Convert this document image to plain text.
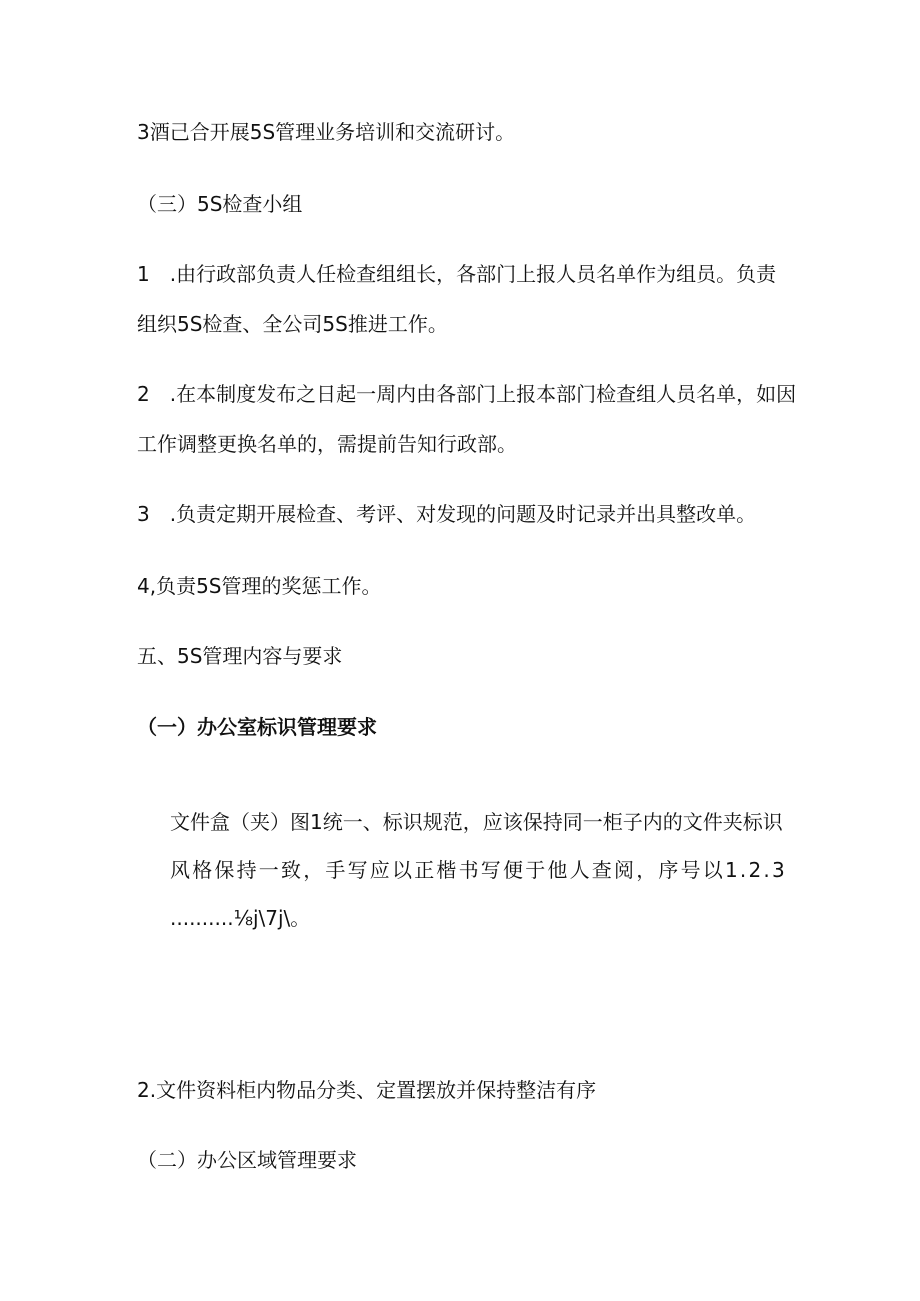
3酒己合开展5S管理业务培训和交流研讨。
（三）5S检查小组
1　.由行政部负责人任检查组组长，各部门上报人员名单作为组员。负责
组织5S检查、全公司5S推进工作。
2　.在本制度发布之日起一周内由各部门上报本部门检查组人员名单，如因
工作调整更换名单的，需提前告知行政部。
3　.负责定期开展检查、考评、对发现的问题及时记录并出具整改单。
4,负责5S管理的奖惩工作。
五、5S管理内容与要求
（一）办公室标识管理要求
文件盒（夹）图1统一、标识规范，应该保持同一柜子内的文件夹标识
风格保持一致，手写应以正楷书写便于他人查阅，序号以1.2.3
..........⅛j\7j\。
2.文件资料柜内物品分类、定置摆放并保持整洁有序
（二）办公区域管理要求
